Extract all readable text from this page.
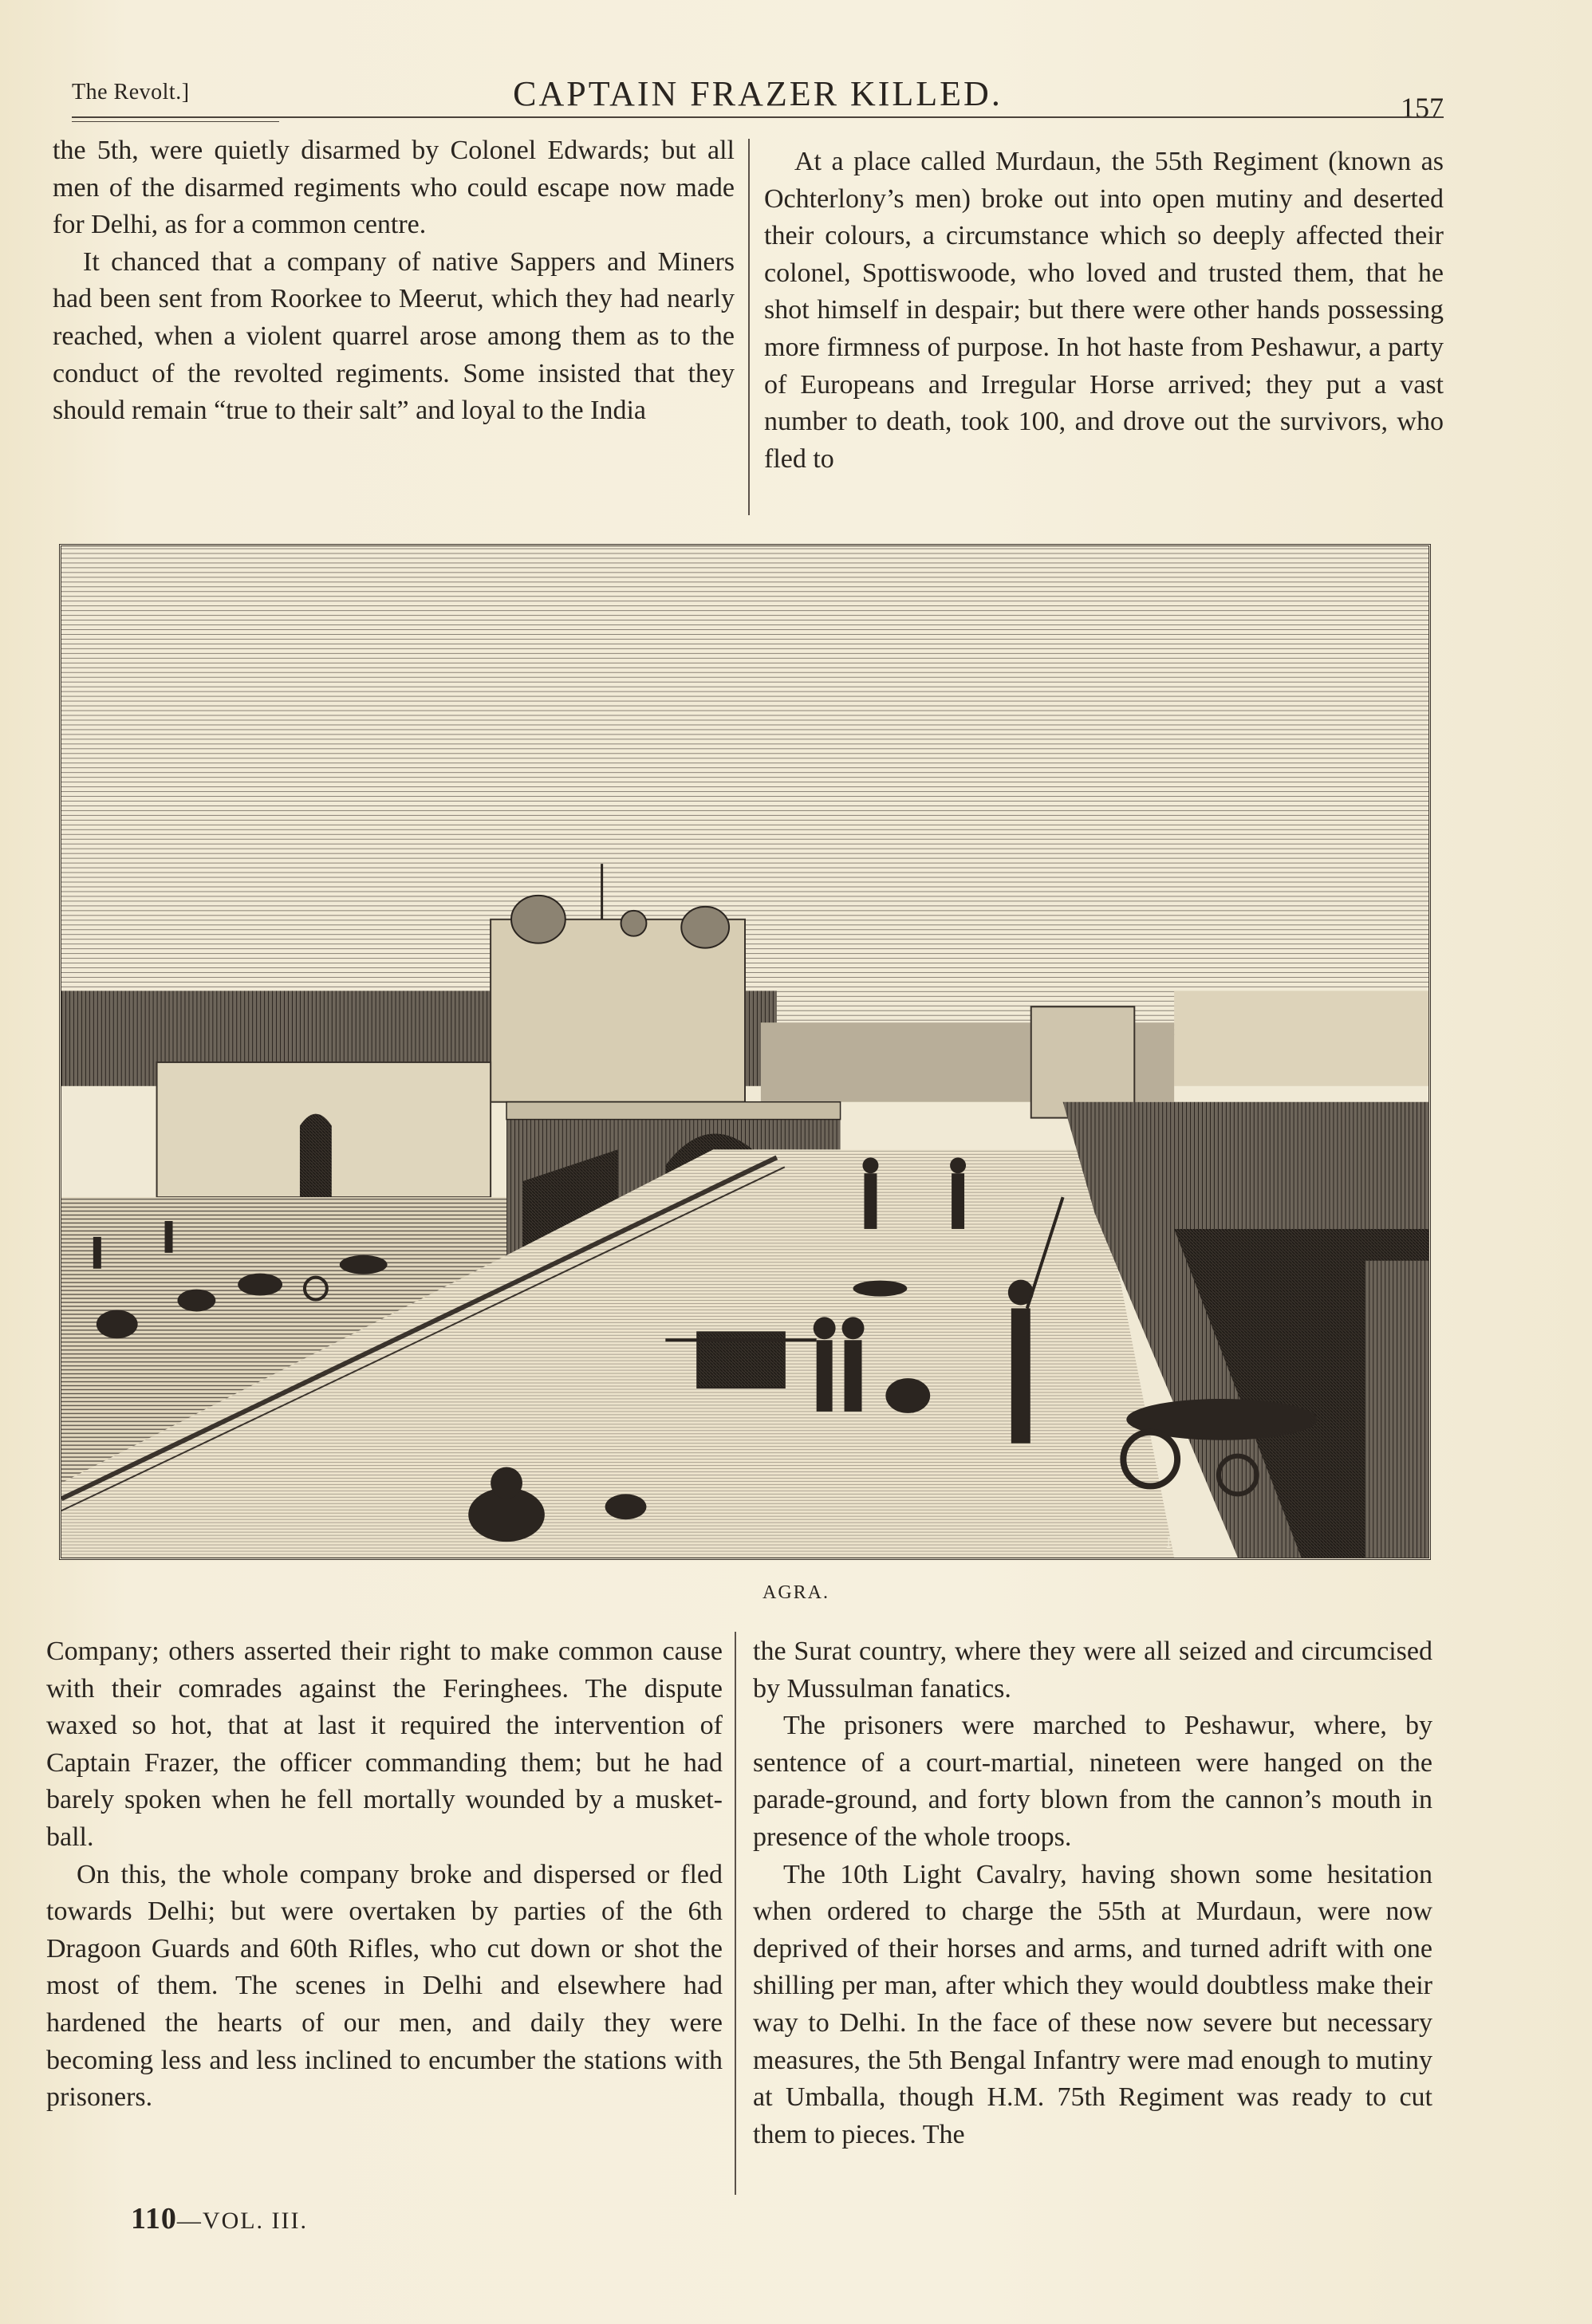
The Revolt.]	CAPTAIN FRAZER KILLED.	157

the 5th, were quietly disarmed by Colonel Edwards; but all men of the disarmed regiments who could escape now made for Delhi, as for a common centre.

It chanced that a company of native Sappers and Miners had been sent from Roorkee to Meerut, which they had nearly reached, when a violent quarrel arose among them as to the conduct of the revolted regiments. Some insisted that they should remain “true to their salt” and loyal to the India

At a place called Murdaun, the 55th Regiment (known as Ochterlony’s men) broke out into open mutiny and deserted their colours, a circumstance which so deeply affected their colonel, Spottiswoode, who loved and trusted them, that he shot himself in despair; but there were other hands possessing more firmness of purpose. In hot haste from Peshawur, a party of Europeans and Irregular Horse arrived; they put a vast number to death, took 100, and drove out the survivors, who fled to

NYSON
AGRA.

Company; others asserted their right to make common cause with their comrades against the Feringhees. The dispute waxed so hot, that at last it required the intervention of Captain Frazer, the officer commanding them; but he had barely spoken when he fell mortally wounded by a musket-ball.

On this, the whole company broke and dispersed or fled towards Delhi; but were overtaken by parties of the 6th Dragoon Guards and 60th Rifles, who cut down or shot the most of them. The scenes in Delhi and elsewhere had hardened the hearts of our men, and daily they were becoming less and less inclined to encumber the stations with prisoners.

the Surat country, where they were all seized and circumcised by Mussulman fanatics.

The prisoners were marched to Peshawur, where, by sentence of a court-martial, nineteen were hanged on the parade-ground, and forty blown from the cannon’s mouth in presence of the whole troops.

The 10th Light Cavalry, having shown some hesitation when ordered to charge the 55th at Murdaun, were now deprived of their horses and arms, and turned adrift with one shilling per man, after which they would doubtless make their way to Delhi. In the face of these now severe but necessary measures, the 5th Bengal Infantry were mad enough to mutiny at Umballa, though H.M. 75th Regiment was ready to cut them to pieces. The

110—VOL. III.
